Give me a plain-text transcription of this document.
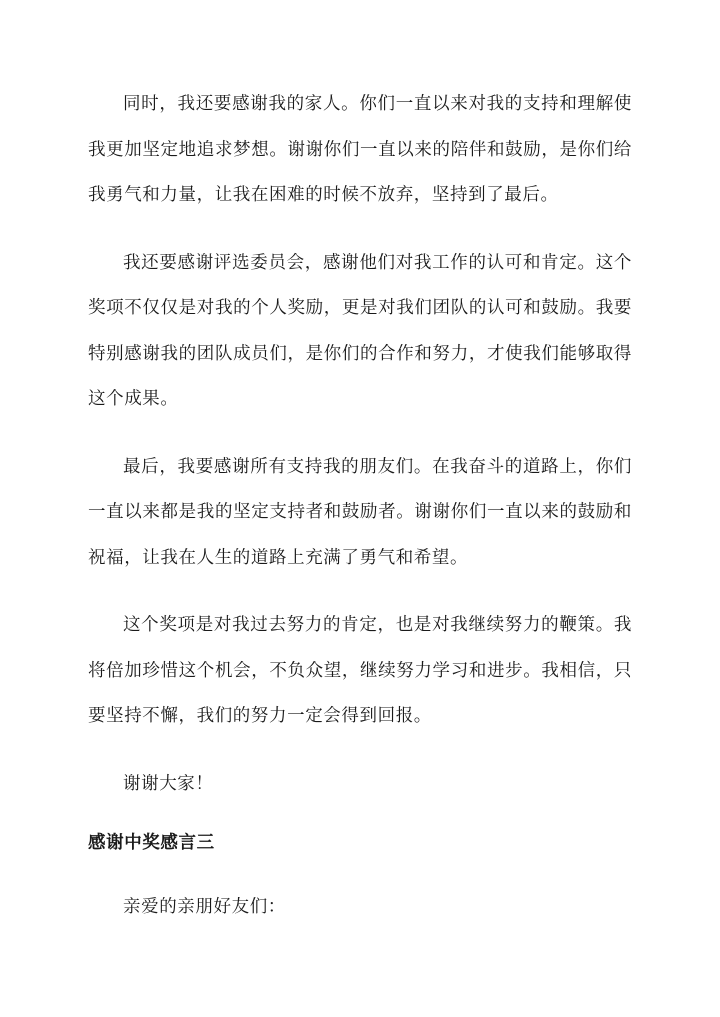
同时，我还要感谢我的家人。你们一直以来对我的支持和理解使我更加坚定地追求梦想。谢谢你们一直以来的陪伴和鼓励，是你们给我勇气和力量，让我在困难的时候不放弃，坚持到了最后。

我还要感谢评选委员会，感谢他们对我工作的认可和肯定。这个奖项不仅仅是对我的个人奖励，更是对我们团队的认可和鼓励。我要特别感谢我的团队成员们，是你们的合作和努力，才使我们能够取得这个成果。

最后，我要感谢所有支持我的朋友们。在我奋斗的道路上，你们一直以来都是我的坚定支持者和鼓励者。谢谢你们一直以来的鼓励和祝福，让我在人生的道路上充满了勇气和希望。

这个奖项是对我过去努力的肯定，也是对我继续努力的鞭策。我将倍加珍惜这个机会，不负众望，继续努力学习和进步。我相信，只要坚持不懈，我们的努力一定会得到回报。

谢谢大家！

感谢中奖感言三

亲爱的亲朋好友们：
